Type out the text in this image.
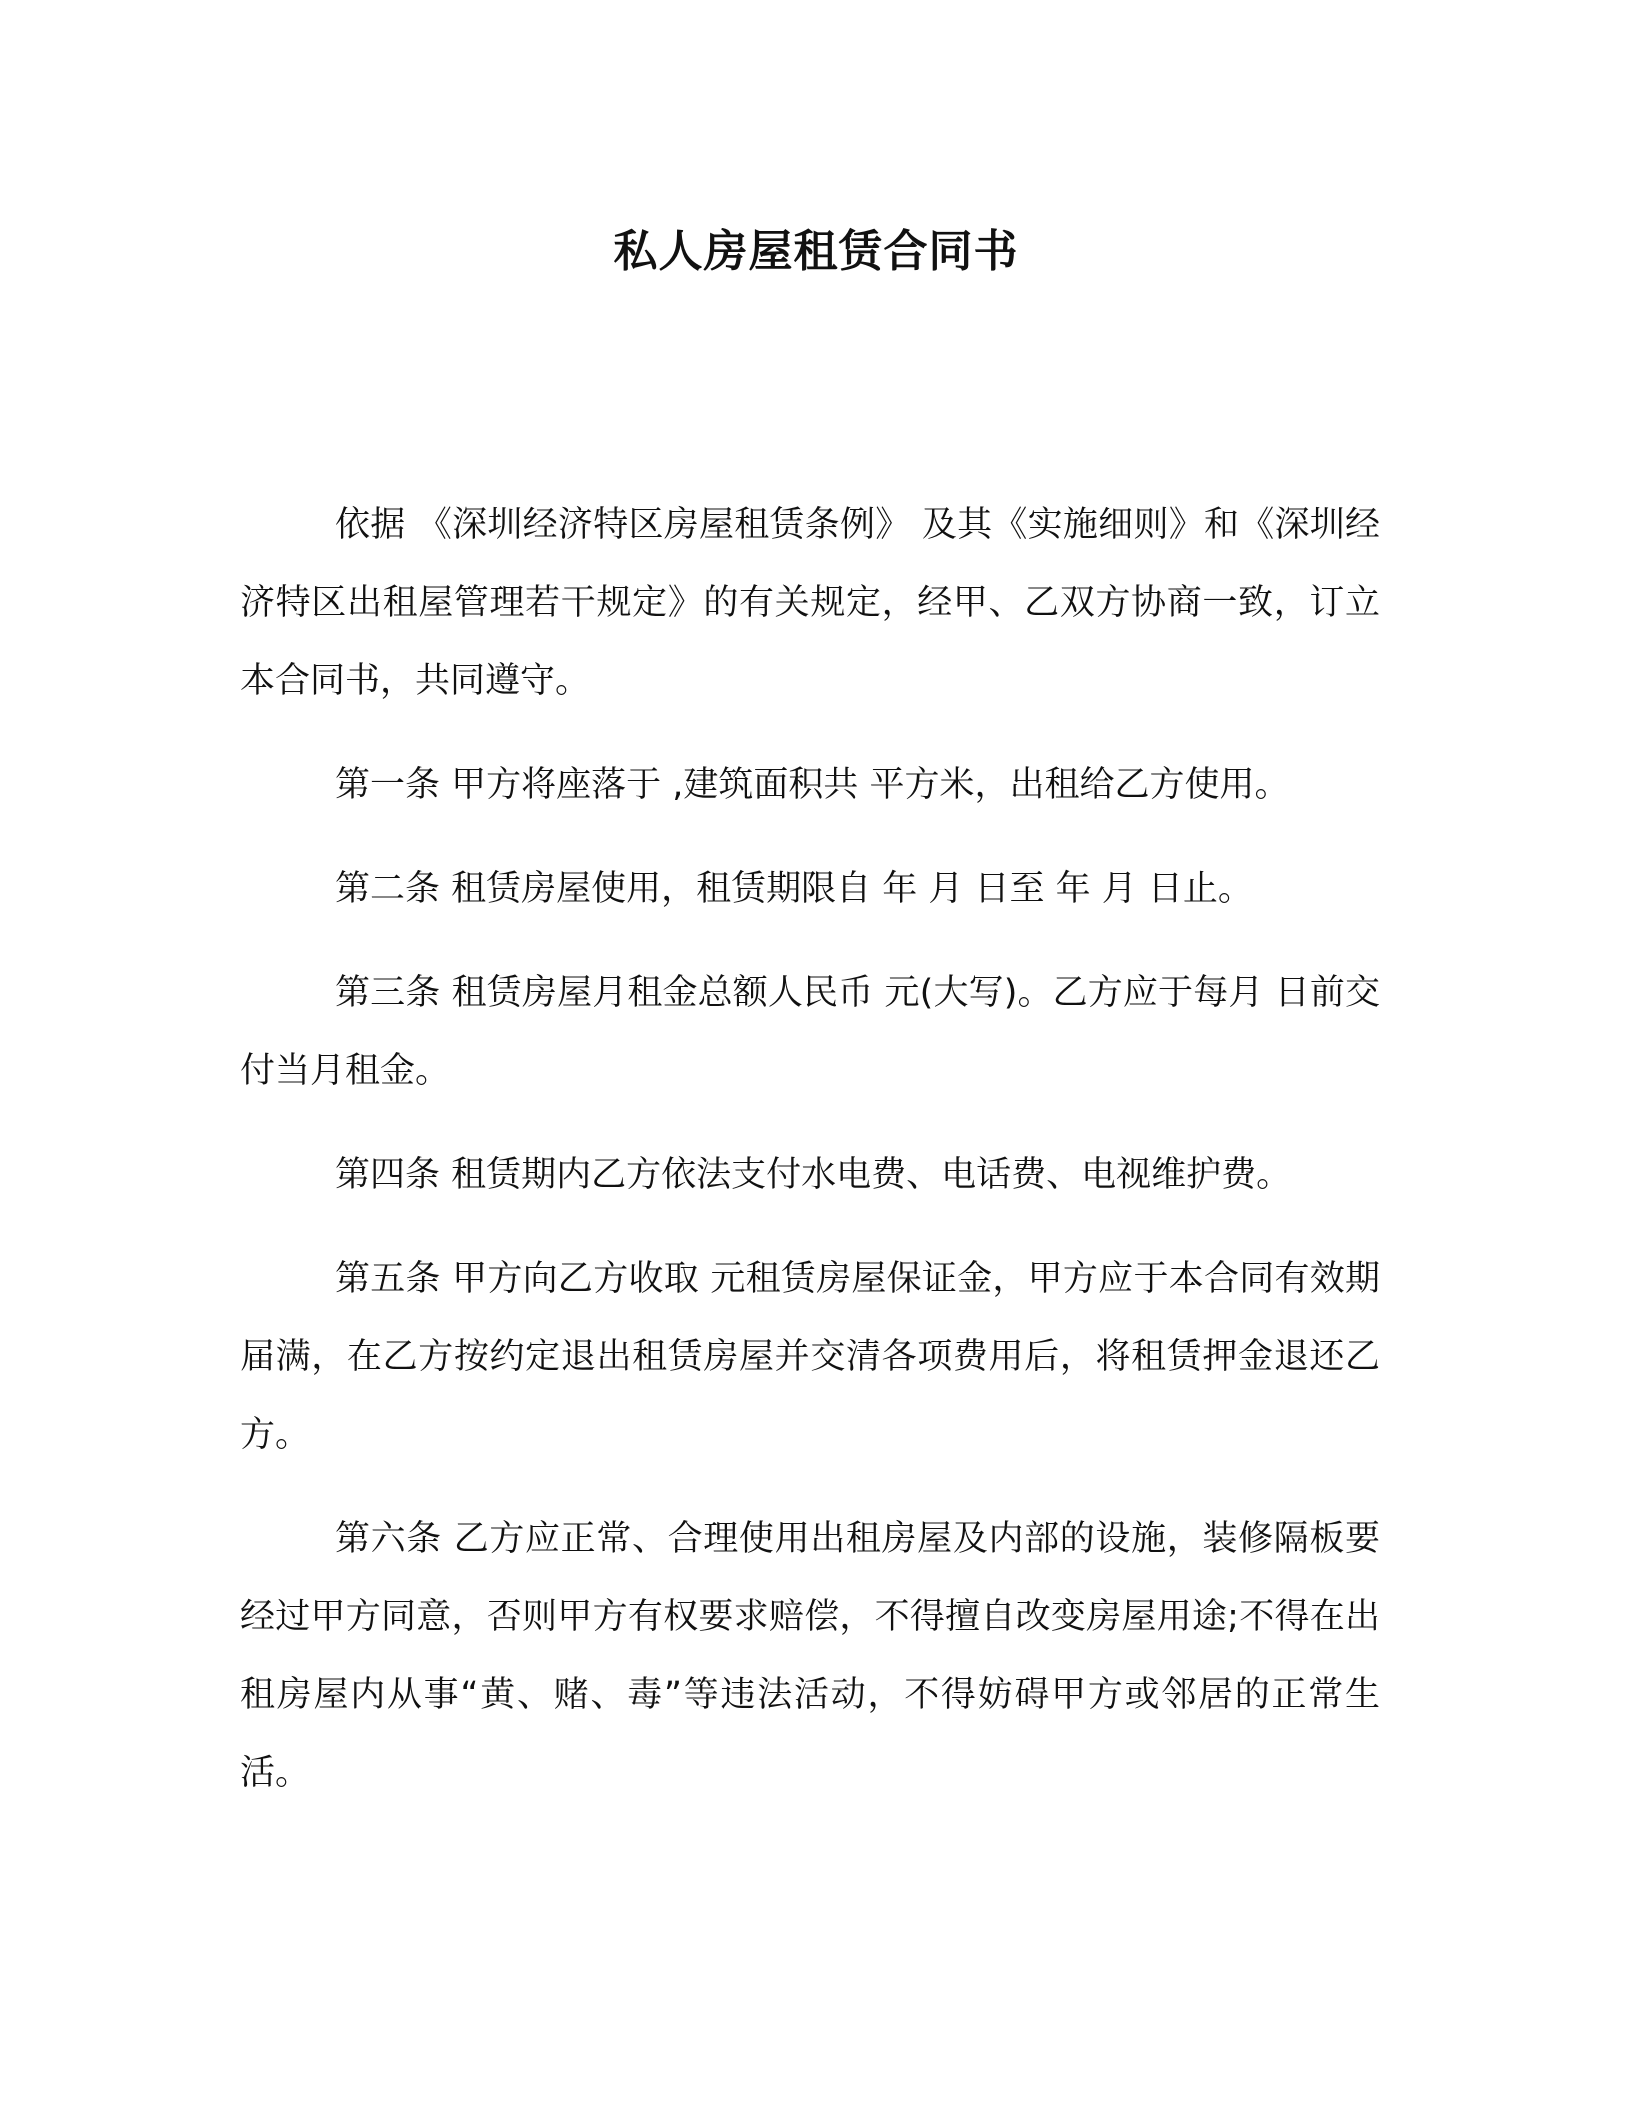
私人房屋租赁合同书

依据 《深圳经济特区房屋租赁条例》 及其《实施细则》和《深圳经济特区出租屋管理若干规定》的有关规定，经甲、乙双方协商一致，订立本合同书，共同遵守。

第一条 甲方将座落于 ,建筑面积共 平方米，出租给乙方使用。

第二条 租赁房屋使用，租赁期限自 年 月 日至 年 月 日止。

第三条 租赁房屋月租金总额人民币 元(大写)。乙方应于每月 日前交付当月租金。

第四条 租赁期内乙方依法支付水电费、电话费、电视维护费。

第五条 甲方向乙方收取 元租赁房屋保证金，甲方应于本合同有效期届满，在乙方按约定退出租赁房屋并交清各项费用后，将租赁押金退还乙方。

第六条 乙方应正常、合理使用出租房屋及内部的设施，装修隔板要经过甲方同意，否则甲方有权要求赔偿，不得擅自改变房屋用途;不得在出租房屋内从事“黄、赌、毒”等违法活动，不得妨碍甲方或邻居的正常生活。
